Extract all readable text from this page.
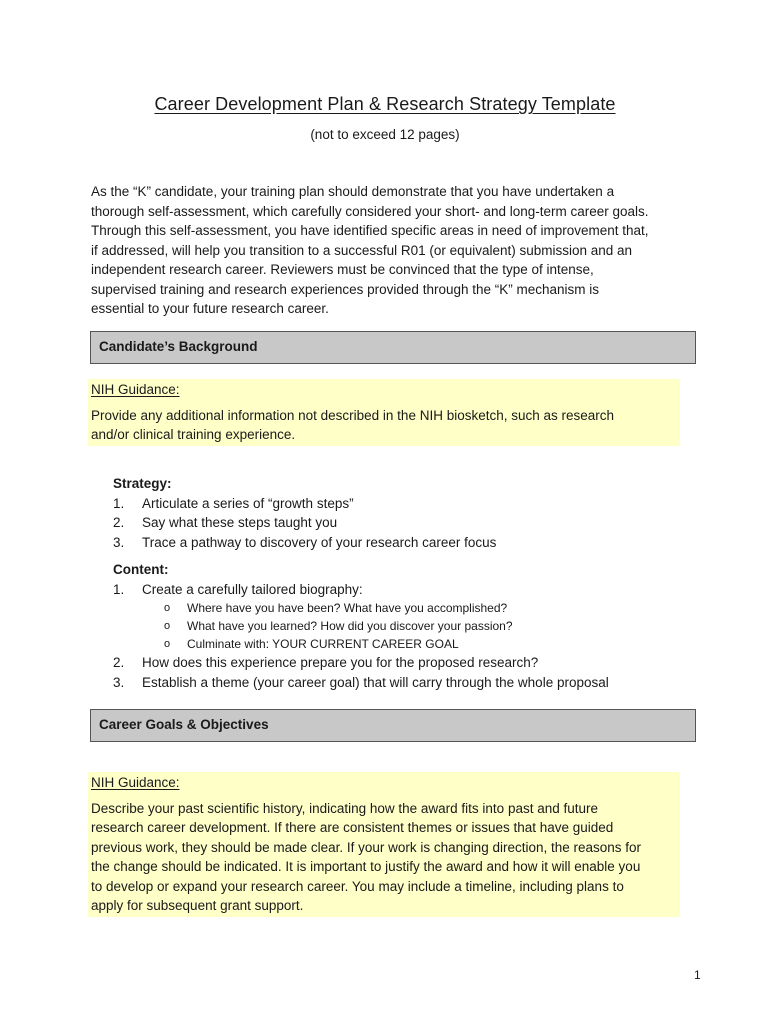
Career Development Plan & Research Strategy Template
(not to exceed 12 pages)
As the “K” candidate, your training plan should demonstrate that you have undertaken a
thorough self-assessment, which carefully considered your short- and long-term career goals.
Through this self-assessment, you have identified specific areas in need of improvement that,
if addressed, will help you transition to a successful R01 (or equivalent) submission and an
independent research career. Reviewers must be convinced that the type of intense,
supervised training and research experiences provided through the “K” mechanism is
essential to your future research career.
Candidate’s Background
NIH Guidance:
Provide any additional information not described in the NIH biosketch, such as research
and/or clinical training experience.
Strategy:
1.	Articulate a series of “growth steps”
2.	Say what these steps taught you
3.	Trace a pathway to discovery of your research career focus
Content:
1.	Create a carefully tailored biography:
o	Where have you have been? What have you accomplished?
o	What have you learned? How did you discover your passion?
o	Culminate with: YOUR CURRENT CAREER GOAL
2.	How does this experience prepare you for the proposed research?
3.	Establish a theme (your career goal) that will carry through the whole proposal
Career Goals & Objectives
NIH Guidance:
Describe your past scientific history, indicating how the award fits into past and future
research career development. If there are consistent themes or issues that have guided
previous work, they should be made clear. If your work is changing direction, the reasons for
the change should be indicated. It is important to justify the award and how it will enable you
to develop or expand your research career. You may include a timeline, including plans to
apply for subsequent grant support.
1
